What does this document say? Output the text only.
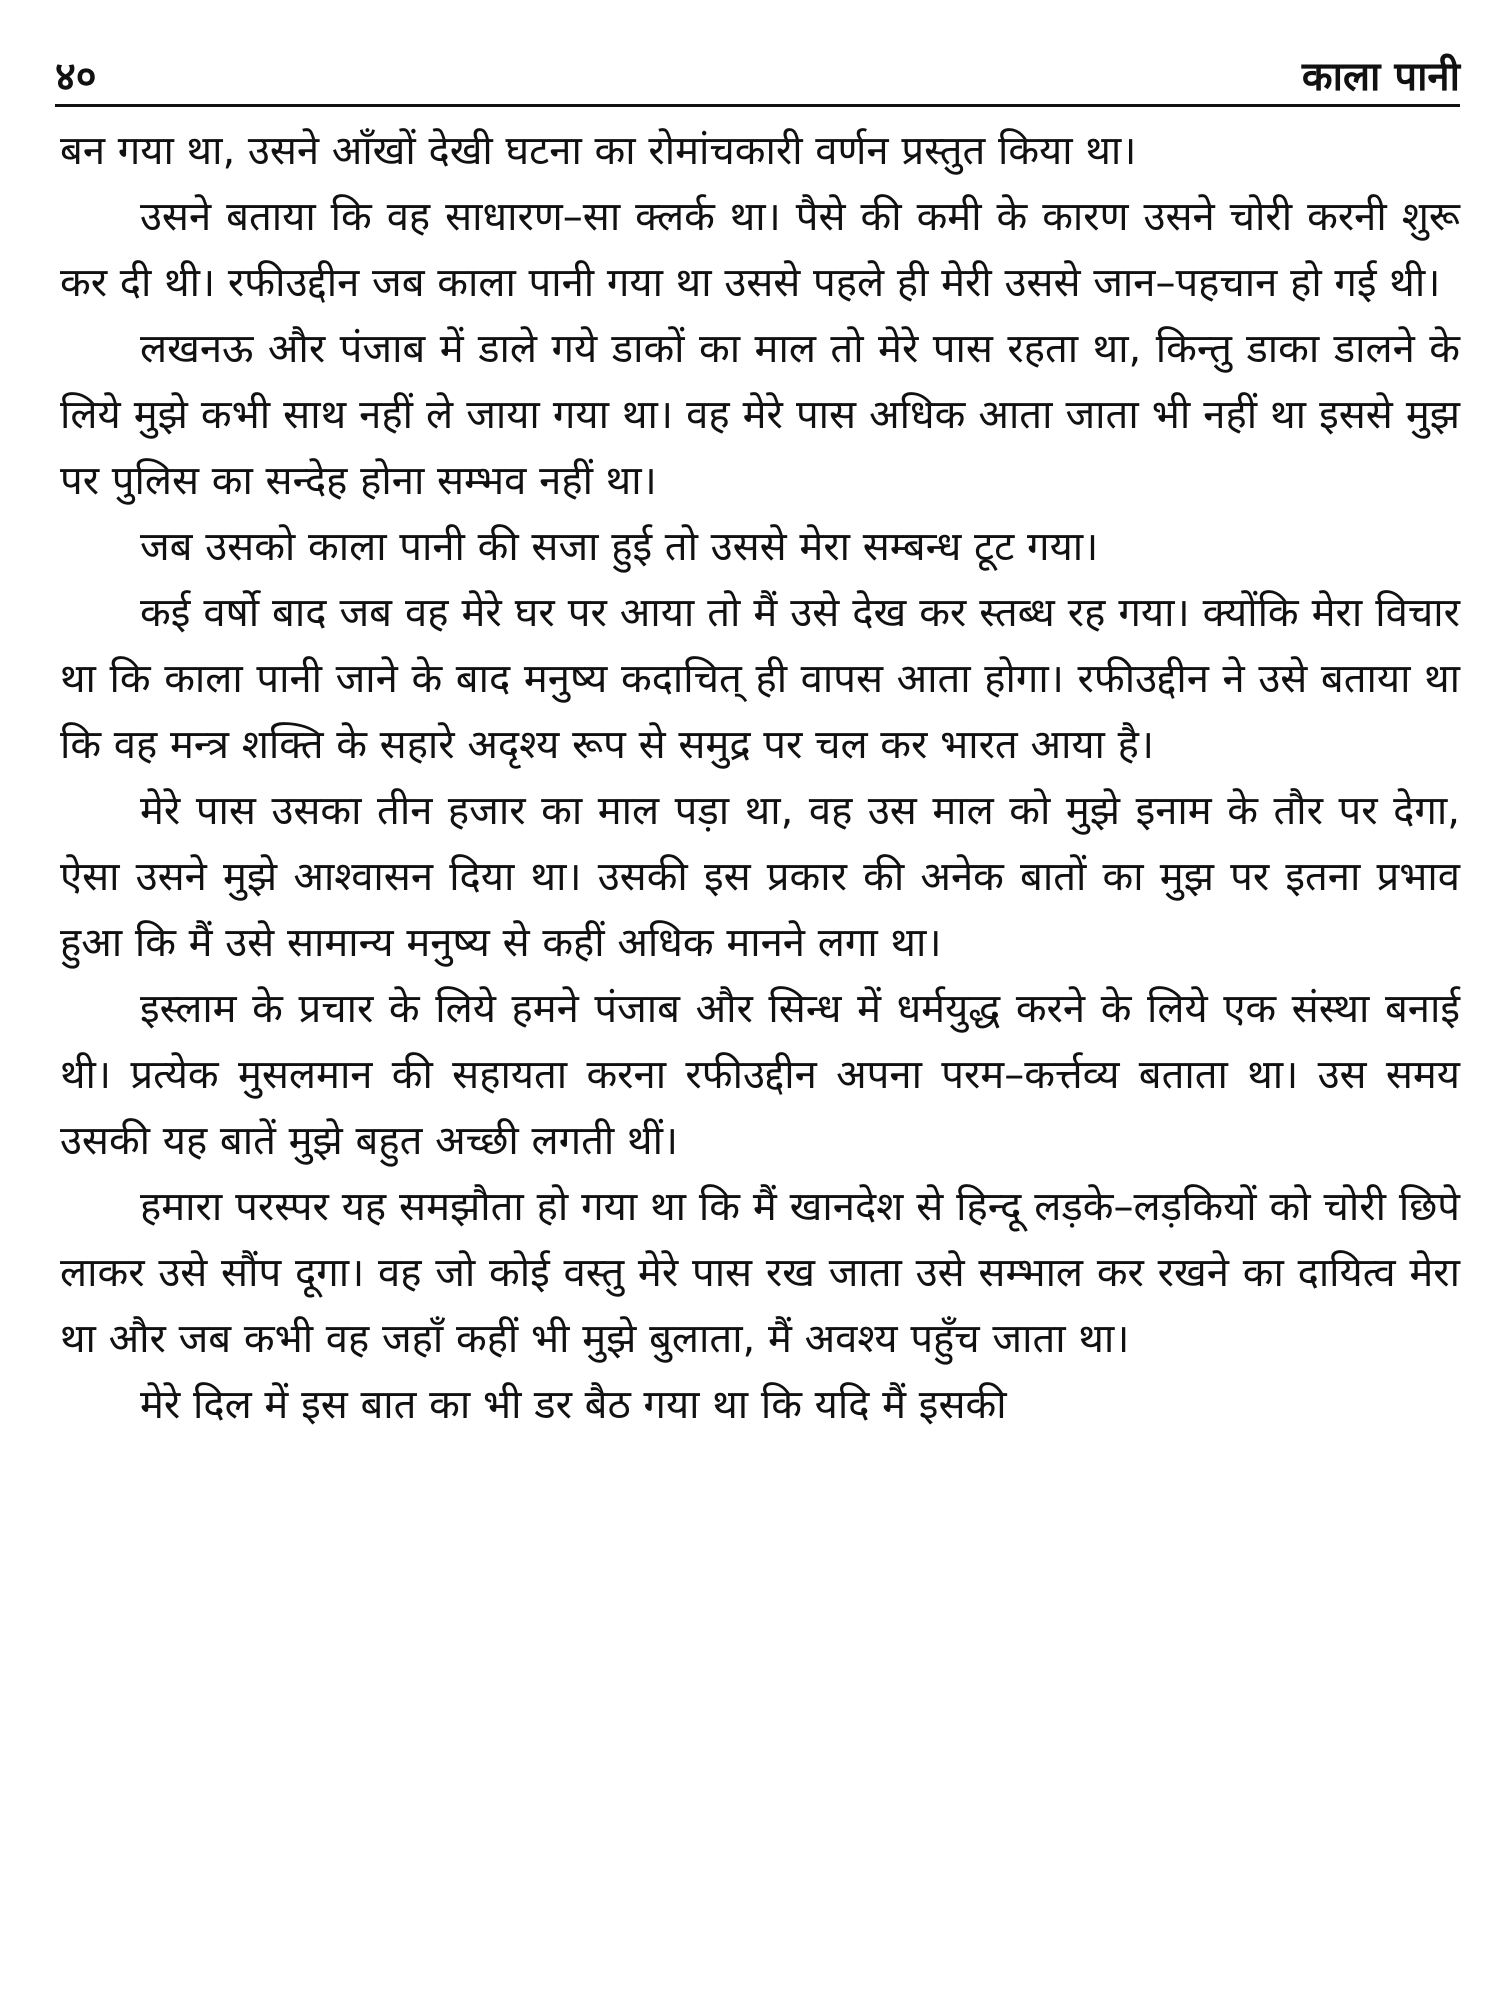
४०	काला पानी

बन गया था, उसने आँखों देखी घटना का रोमांचकारी वर्णन प्रस्तुत किया था।

उसने बताया कि वह साधारण–सा क्लर्क था। पैसे की कमी के कारण उसने चोरी करनी शुरू कर दी थी। रफीउद्दीन जब काला पानी गया था उससे पहले ही मेरी उससे जान–पहचान हो गई थी।

लखनऊ और पंजाब में डाले गये डाकों का माल तो मेरे पास रहता था, किन्तु डाका डालने के लिये मुझे कभी साथ नहीं ले जाया गया था। वह मेरे पास अधिक आता जाता भी नहीं था इससे मुझ पर पुलिस का सन्देह होना सम्भव नहीं था।

जब उसको काला पानी की सजा हुई तो उससे मेरा सम्बन्ध टूट गया।

कई वर्षो बाद जब वह मेरे घर पर आया तो मैं उसे देख कर स्तब्ध रह गया। क्योंकि मेरा विचार था कि काला पानी जाने के बाद मनुष्य कदाचित् ही वापस आता होगा। रफीउद्दीन ने उसे बताया था कि वह मन्त्र शक्ति के सहारे अदृश्य रूप से समुद्र पर चल कर भारत आया है।

मेरे पास उसका तीन हजार का माल पड़ा था, वह उस माल को मुझे इनाम के तौर पर देगा, ऐसा उसने मुझे आश्वासन दिया था। उसकी इस प्रकार की अनेक बातों का मुझ पर इतना प्रभाव हुआ कि मैं उसे सामान्य मनुष्य से कहीं अधिक मानने लगा था।

इस्लाम के प्रचार के लिये हमने पंजाब और सिन्ध में धर्मयुद्ध करने के लिये एक संस्था बनाई थी। प्रत्येक मुसलमान की सहायता करना रफीउद्दीन अपना परम–कर्त्तव्य बताता था। उस समय उसकी यह बातें मुझे बहुत अच्छी लगती थीं।

हमारा परस्पर यह समझौता हो गया था कि मैं खानदेश से हिन्दू लड़के–लड़कियों को चोरी छिपे लाकर उसे सौंप दूगा। वह जो कोई वस्तु मेरे पास रख जाता उसे सम्भाल कर रखने का दायित्व मेरा था और जब कभी वह जहाँ कहीं भी मुझे बुलाता, मैं अवश्य पहुँच जाता था।

मेरे दिल में इस बात का भी डर बैठ गया था कि यदि मैं इसकी
